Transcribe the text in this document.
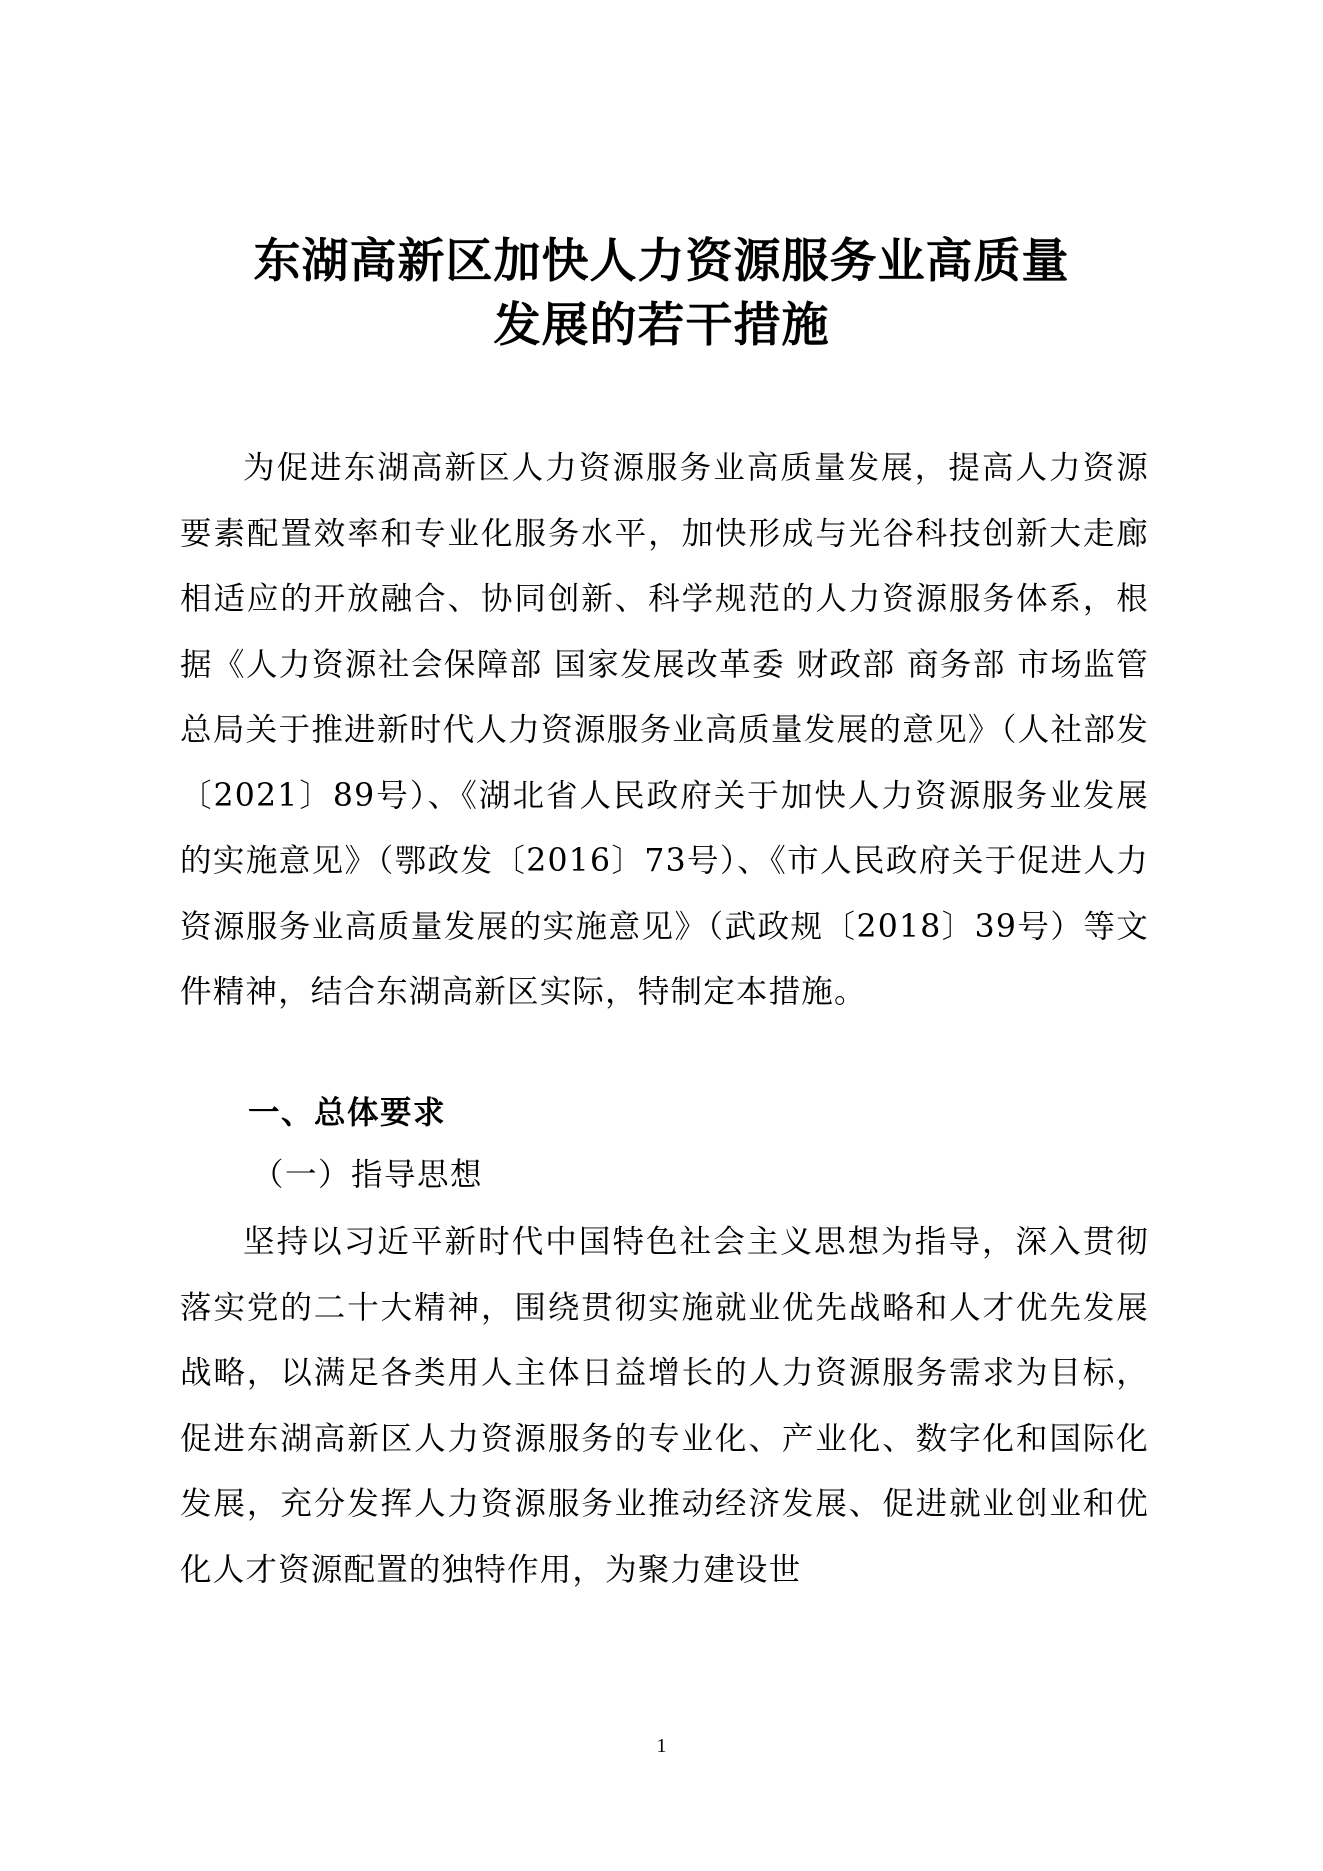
东湖高新区加快人力资源服务业高质量
发展的若干措施

为促进东湖高新区人力资源服务业高质量发展，提高人力资源要素配置效率和专业化服务水平，加快形成与光谷科技创新大走廊相适应的开放融合、协同创新、科学规范的人力资源服务体系，根据《人力资源社会保障部 国家发展改革委 财政部 商务部 市场监管总局关于推进新时代人力资源服务业高质量发展的意见》（人社部发〔2021〕89号）、《湖北省人民政府关于加快人力资源服务业发展的实施意见》（鄂政发〔2016〕73号）、《市人民政府关于促进人力资源服务业高质量发展的实施意见》（武政规〔2018〕39号）等文件精神，结合东湖高新区实际，特制定本措施。

一、总体要求
（一）指导思想

坚持以习近平新时代中国特色社会主义思想为指导，深入贯彻落实党的二十大精神，围绕贯彻实施就业优先战略和人才优先发展战略，以满足各类用人主体日益增长的人力资源服务需求为目标，促进东湖高新区人力资源服务的专业化、产业化、数字化和国际化发展，充分发挥人力资源服务业推动经济发展、促进就业创业和优化人才资源配置的独特作用，为聚力建设世

1
